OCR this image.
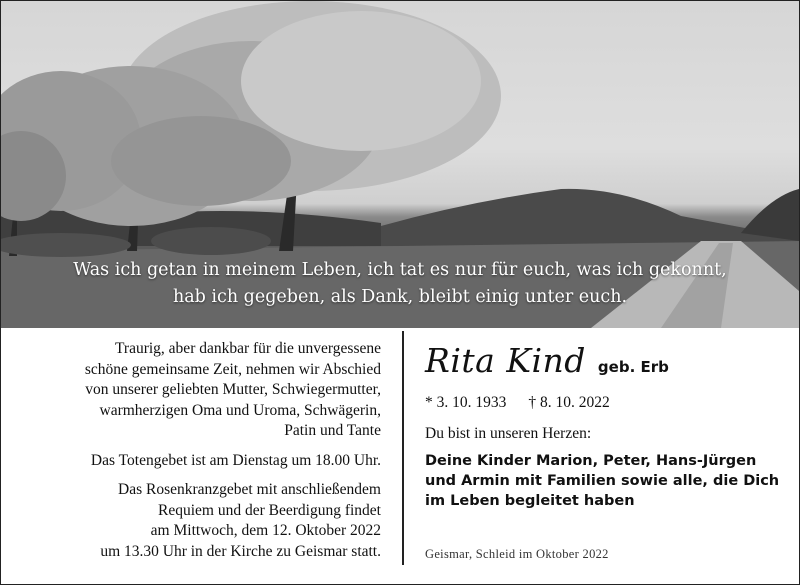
Was ich getan in meinem Leben, ich tat es nur für euch, was ich gekonnt,
hab ich gegeben, als Dank, bleibt einig unter euch.

Traurig, aber dankbar für die unvergessene
schöne gemeinsame Zeit, nehmen wir Abschied
von unserer geliebten Mutter, Schwiegermutter,
warmherzigen Oma und Uroma, Schwägerin,
Patin und Tante

Das Totengebet ist am Dienstag um 18.00 Uhr.

Das Rosenkranzgebet mit anschließendem
Requiem und der Beerdigung findet
am Mittwoch, dem 12. Oktober 2022
um 13.30 Uhr in der Kirche zu Geismar statt.

Rita Kind geb. Erb
* 3. 10. 1933 † 8. 10. 2022
Du bist in unseren Herzen:
Deine Kinder Marion, Peter, Hans-Jürgen
und Armin mit Familien sowie alle, die Dich
im Leben begleitet haben
Geismar, Schleid im Oktober 2022
